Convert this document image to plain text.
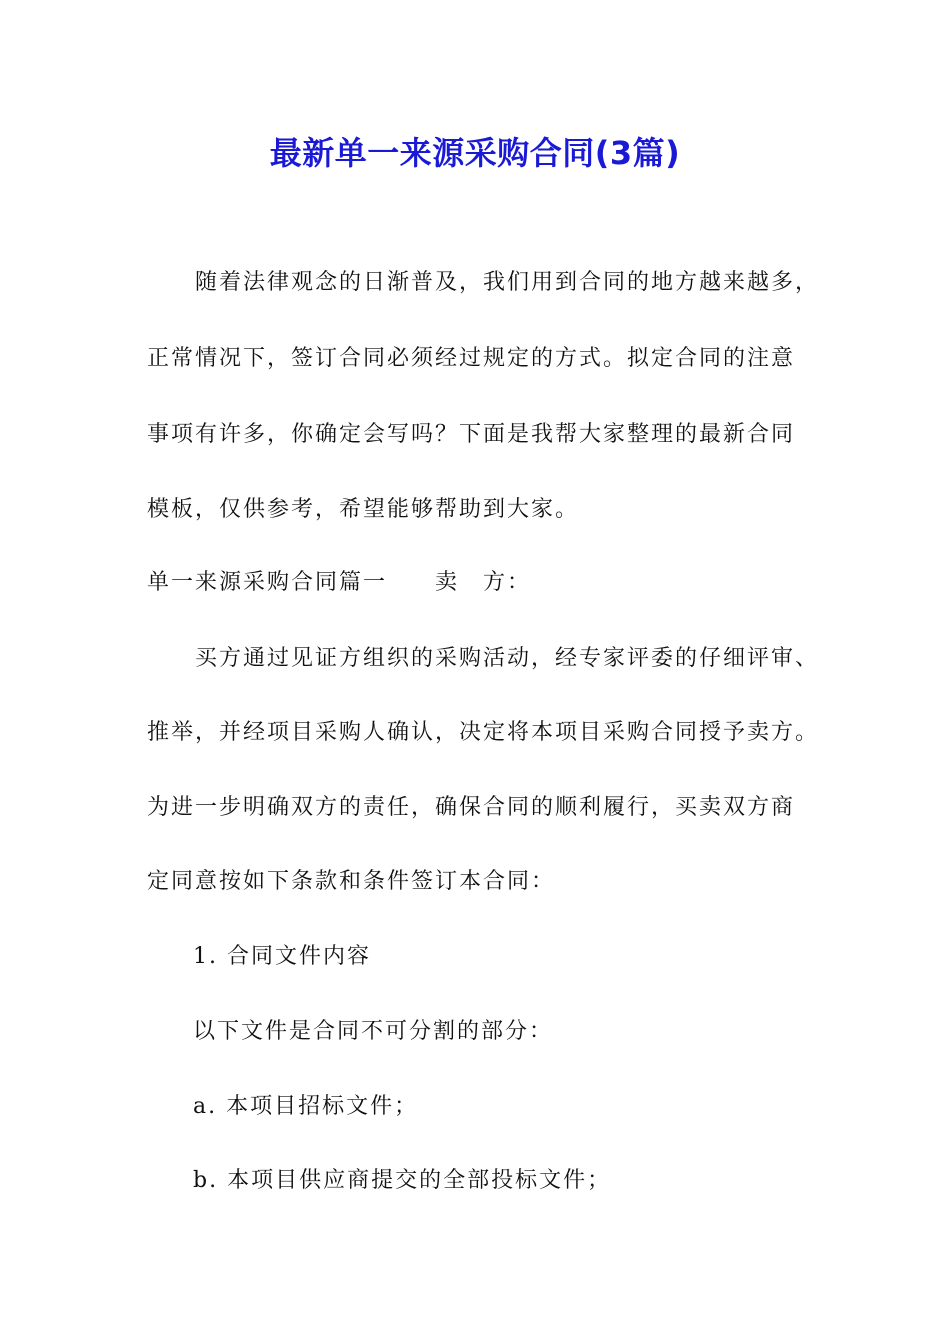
最新单一来源采购合同(3篇)
随着法律观念的日渐普及，我们用到合同的地方越来越多，
正常情况下，签订合同必须经过规定的方式。拟定合同的注意
事项有许多，你确定会写吗？下面是我帮大家整理的最新合同
模板，仅供参考，希望能够帮助到大家。
单一来源采购合同篇一　　卖　方：
买方通过见证方组织的采购活动，经专家评委的仔细评审、
推举，并经项目采购人确认，决定将本项目采购合同授予卖方。
为进一步明确双方的责任，确保合同的顺利履行，买卖双方商
定同意按如下条款和条件签订本合同：
1. 合同文件内容
以下文件是合同不可分割的部分：
a. 本项目招标文件；
b. 本项目供应商提交的全部投标文件；
